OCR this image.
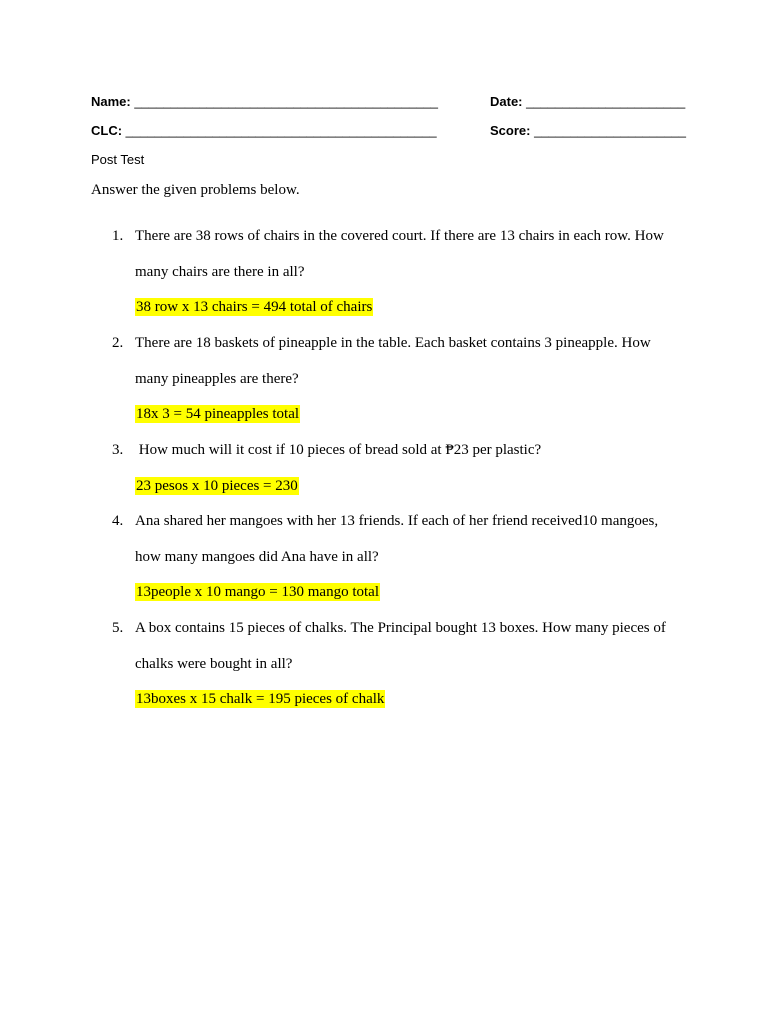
Name: __________________________________________	Date: ______________________
CLC: ___________________________________________	Score: _____________________
Post Test
Answer the given problems below.
1. There are 38 rows of chairs in the covered court. If there are 13 chairs in each row. How many chairs are there in all?
38 row x 13 chairs = 494 total of chairs
2. There are 18 baskets of pineapple in the table. Each basket contains 3 pineapple. How many pineapples are there?
18x 3 = 54 pineapples total
3. How much will it cost if 10 pieces of bread sold at ₱23 per plastic?
23 pesos x 10 pieces = 230
4. Ana shared her mangoes with her 13 friends. If each of her friend received10 mangoes, how many mangoes did Ana have in all?
13people x 10 mango = 130 mango total
5. A box contains 15 pieces of chalks. The Principal bought 13 boxes. How many pieces of chalks were bought in all?
13boxes x 15 chalk = 195 pieces of chalk
